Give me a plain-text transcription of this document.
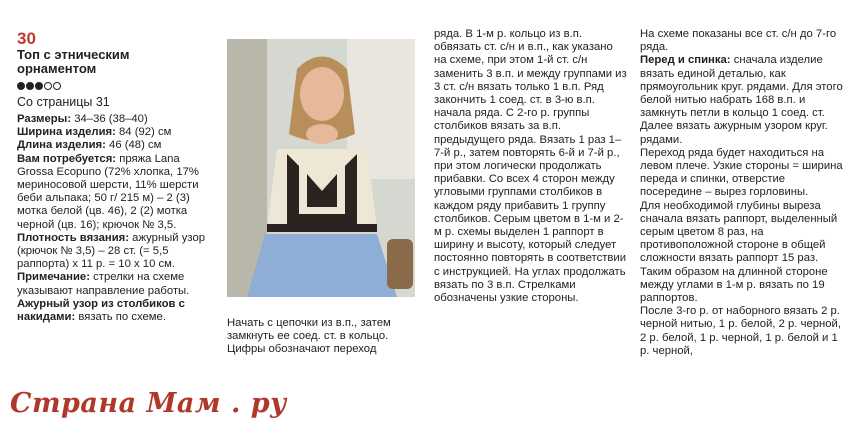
30
Топ с этническим орнаментом
Со страницы 31

Размеры: 34–36 (38–40)

Ширина изделия: 84 (92) см

Длина изделия: 46 (48) см

Вам потребуется: пряжа Lana Grossa Ecopuno (72% хлопка, 17% мериносовой шерсти, 11% шерсти беби альпака; 50 г/ 215 м) – 2 (3) мотка белой (цв. 46), 2 (2) мотка черной (цв. 16); крючок № 3,5.

Плотность вязания: ажурный узор (крючок № 3,5) – 28 ст. (= 5,5 раппорта) x 11 р. = 10 x 10 см.

Примечание: стрелки на схеме указывают направление работы.

Ажурный узор из столбиков с накидами: вязать по схеме.	Начать с цепочки из в.п., затем замкнуть ее соед. ст. в кольцо. Цифры обозначают переход
ряда. В 1-м р. кольцо из в.п. обвязать ст. с/н и в.п., как указано на схеме, при этом 1-й ст. с/н заменить 3 в.п. и между группами из 3 ст. с/н вязать только 1 в.п. Ряд закончить 1 соед. ст. в 3-ю в.п. начала ряда. С 2-го р. группы столбиков вязать за в.п. предыдущего ряда. Вязать 1 раз 1–7-й р., затем повторять 6-й и 7-й р., при этом логически продолжать прибавки. Со всех 4 сторон между угловыми группами столбиков в каждом ряду прибавить 1 группу столбиков. Серым цветом в 1-м и 2-м р. схемы выделен 1 раппорт в ширину и высоту, который следует постоянно повторять в соответствии с инструкцией. На углах продолжать вязать по 3 в.п. Стрелками обозначены узкие стороны.

На схеме показаны все ст. с/н до 7-го ряда.

Перед и спинка: сначала изделие вязать единой деталью, как прямоугольник круг. рядами. Для этого белой нитью набрать 168 в.п. и замкнуть петли в кольцо 1 соед. ст.

Далее вязать ажурным узором круг. рядами.

Переход ряда будет находиться на левом плече. Узкие стороны = ширина переда и спинки, отверстие посередине – вырез горловины.

Для необходимой глубины выреза сначала вязать раппорт, выделенный серым цветом 8 раз, на противоположной стороне в общей сложности вязать раппорт 15 раз. Таким образом на длинной стороне между углами в 1-м р. вязать по 19 раппортов.

После 3-го р. от наборного вязать 2 р. черной нитью, 1 р. белой, 2 р. черной, 2 р. белой, 1 р. черной, 1 р. белой и 1 р. черной,

Страна Мам . ру
